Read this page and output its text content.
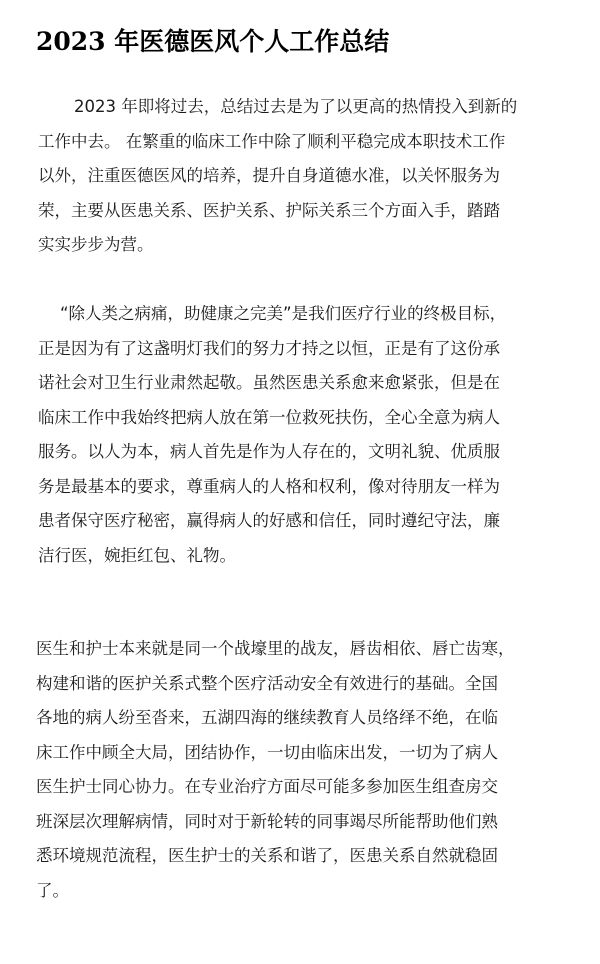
2023 年医德医风个人工作总结
2023 年即将过去，总结过去是为了以更高的热情投入到新的
工作中去。 在繁重的临床工作中除了顺利平稳完成本职技术工作
以外，注重医德医风的培养，提升自身道德水准，以关怀服务为
荣，主要从医患关系、医护关系、护际关系三个方面入手，踏踏
实实步步为营。
“除人类之病痛，助健康之完美”是我们医疗行业的终极目标，
正是因为有了这盏明灯我们的努力才持之以恒，正是有了这份承
诺社会对卫生行业肃然起敬。虽然医患关系愈来愈紧张，但是在
临床工作中我始终把病人放在第一位救死扶伤，全心全意为病人
服务。以人为本，病人首先是作为人存在的，文明礼貌、优质服
务是最基本的要求，尊重病人的人格和权利，像对待朋友一样为
患者保守医疗秘密，赢得病人的好感和信任，同时遵纪守法，廉
洁行医，婉拒红包、礼物。
医生和护士本来就是同一个战壕里的战友，唇齿相依、唇亡齿寒，
构建和谐的医护关系式整个医疗活动安全有效进行的基础。全国
各地的病人纷至沓来，五湖四海的继续教育人员络绎不绝，在临
床工作中顾全大局，团结协作，一切由临床出发，一切为了病人
医生护士同心协力。在专业治疗方面尽可能多参加医生组查房交
班深层次理解病情，同时对于新轮转的同事竭尽所能帮助他们熟
悉环境规范流程，医生护士的关系和谐了，医患关系自然就稳固
了。
